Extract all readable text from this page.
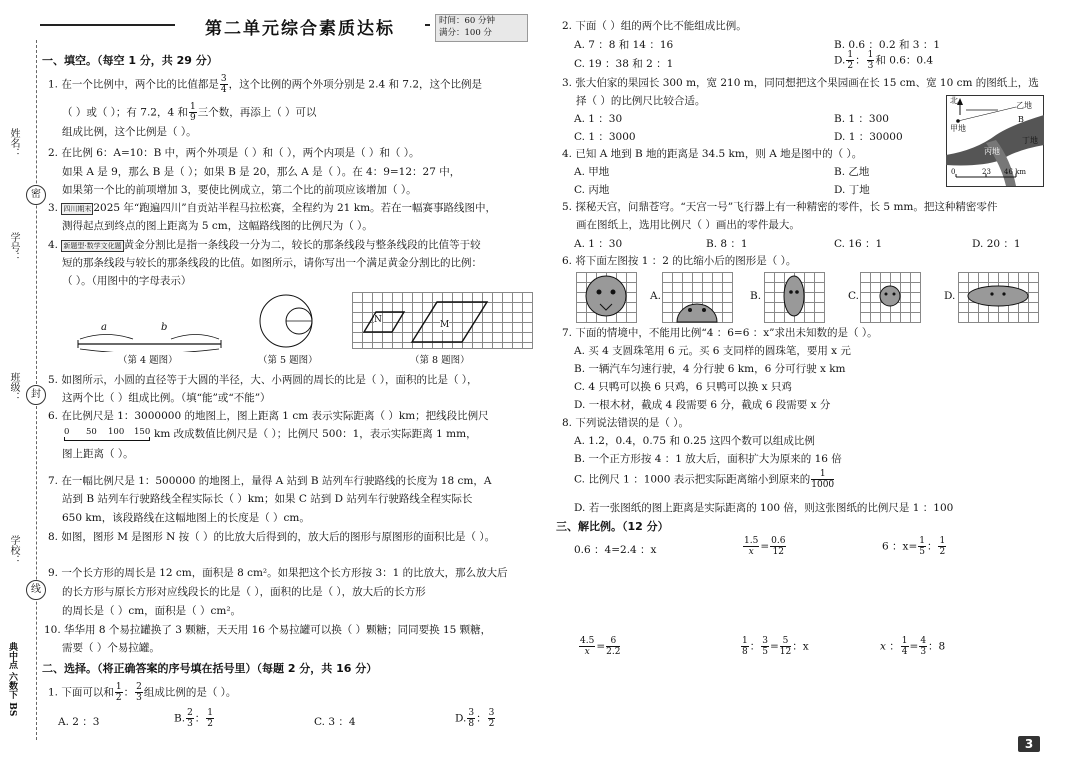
姓名：
学号：
班级：
学校：
密
封
线
典中点 六数下 BS
第二单元综合素质达标	时间：60 分钟
满分：100 分
一、填空。（每空 1 分，共 29 分）
1. 在一个比例中，两个比的比值都是 $\frac{3}{4}$ ，这个比例的两个外项分别是 2.4 和 7.2，这个比例是
（ ）或（ ）；有 7.2，4 和 $\frac{1}{9}$ 三个数，再添上（ ）可以
组成比例，这个比例是（ ）。
2. 在比例 6：A=10：B 中，两个外项是（ ）和（ ），两个内项是（ ）和（ ）。
如果 A 是 9，那么 B 是（ ）；如果 B 是 20，那么 A 是（ ）。在 4：9=12：27 中，
如果第一个比的前项增加 3，要使比例成立，第二个比的前项应该增加（ ）。
3. 四川期末 2025 年“跑遍四川”自贡站半程马拉松赛，全程约为 21 km。若在一幅赛事路线图中，
测得起点到终点的图上距离为 5 cm，这幅路线图的比例尺为（ ）。
4. 新题型·数学文化题 黄金分割比是指一条线段一分为二，较长的那条线段与整条线段的比值等于较
短的那条线段与较长的那条线段的比值。如图所示，请你写出一个满足黄金分割比的比例：
（ ）。（用图中的字母表示）
a	b
（第 4 题图）	（第 5 题图）
N	M
（第 8 题图）
5. 如图所示，小圆的直径等于大圆的半径，大、小两圆的周长的比是（ ），面积的比是（ ），
这两个比（ ）组成比例。（填“能”或“不能”）
6. 在比例尺是 1：3000000 的地图上，图上距离 1 cm 表示实际距离（ ）km；把线段比例尺
0 50 100 150 km 改成数值比例尺是（ ）；比例尺 500：1，表示实际距离 1 mm，
图上距离（ ）。
7. 在一幅比例尺是 1：500000 的地图上，量得 A 站到 B 站列车行驶路线的长度为 18 cm，A
站到 B 站列车行驶路线全程实际长（ ）km；如果 C 站到 D 站列车行驶路线全程实际长
650 km，该段路线在这幅地图上的长度是（ ）cm。
8. 如图，图形 M 是图形 N 按（ ）的比放大后得到的，放大后的图形与原图形的面积比是（ ）。
9. 一个长方形的周长是 12 cm，面积是 8 cm²。如果把这个长方形按 3：1 的比放大，那么放大后
的长方形与原长方形对应线段长的比是（ ），面积的比是（ ），放大后的长方形
的周长是（ ）cm，面积是（ ）cm²。
10. 华华用 8 个易拉罐换了 3 颗糖，天天用 16 个易拉罐可以换（ ）颗糖；同同要换 15 颗糖，
需要（ ）个易拉罐。
二、选择。（将正确答案的序号填在括号里）（每题 2 分，共 16 分）
1. 下面可以和 $\frac{1}{2}$ ： $\frac{2}{3}$ 组成比例的是（ ）。
A. 2 ：3	B. $\frac{2}{3}$ ： $\frac{1}{2}$	C. 3 ：4	D. $\frac{3}{8}$ ： $\frac{3}{2}$
2. 下面（ ）组的两个比不能组成比例。
A. 7 ：8 和 14 ：16	B. 0.6 ：0.2 和 3 ：1
C. 19 ：38 和 2 ：1	D. $\frac{1}{2}$ ： $\frac{1}{3}$ 和 0.6：0.4
3. 张大伯家的果园长 300 m，宽 210 m，同同想把这个果园画在长 15 cm、宽 10 cm 的图纸上，选
择（ ）的比例尺比较合适。
A. 1 ：30	B. 1 ：300
C. 1 ：3000	D. 1 ：30000
4. 已知 A 地到 B 地的距离是 34.5 km，则 A 地是图中的（ ）。
A. 甲地	B. 乙地
C. 丙地	D. 丁地
北
乙地
甲地
B
丁地
丙地
0	23 46 km
5. 探秘天宫，问鼎苍穹。“天宫一号”飞行器上有一种精密的零件，长 5 mm。把这种精密零件
画在图纸上，选用比例尺（ ）画出的零件最大。
A. 1 ：30	B. 8 ：1	C. 16 ：1	D. 20 ：1
6. 将下面左图按 1 ：2 的比缩小后的图形是（ ）。
A.	B.	C.	D.
7. 下面的情境中，不能用比例“4 ：6=6 ：x”求出未知数的是（ ）。
A. 买 4 支圆珠笔用 6 元。买 6 支同样的圆珠笔，要用 x 元
B. 一辆汽车匀速行驶，4 分行驶 6 km，6 分可行驶 x km
C. 4 只鸭可以换 6 只鸡，6 只鸭可以换 x 只鸡
D. 一根木材，截成 4 段需要 6 分，截成 6 段需要 x 分
8. 下列说法错误的是（ ）。
A. 1.2，0.4，0.75 和 0.25 这四个数可以组成比例
B. 一个正方形按 4 ：1 放大后，面积扩大为原来的 16 倍
C. 比例尺 1 ：1000 表示把实际距离缩小到原来的 $\frac{1}{1000}$
D. 若一张图纸的图上距离是实际距离的 100 倍，则这张图纸的比例尺是 1 ：100
三、解比例。（12 分）
0.6 ：4=2.4 ：x	$\frac{1.5}{x} = \frac{0.6}{12}$	6 ：$x= \frac{1}{5}$ ： $\frac{1}{2}$
$\frac{4.5}{x} = \frac{6}{2.2}$	$\frac{1}{8}$ ： $\frac{3}{5} = \frac{5}{12}$ ：x	x ： $\frac{1}{4} = \frac{4}{3}$ ：8
3
